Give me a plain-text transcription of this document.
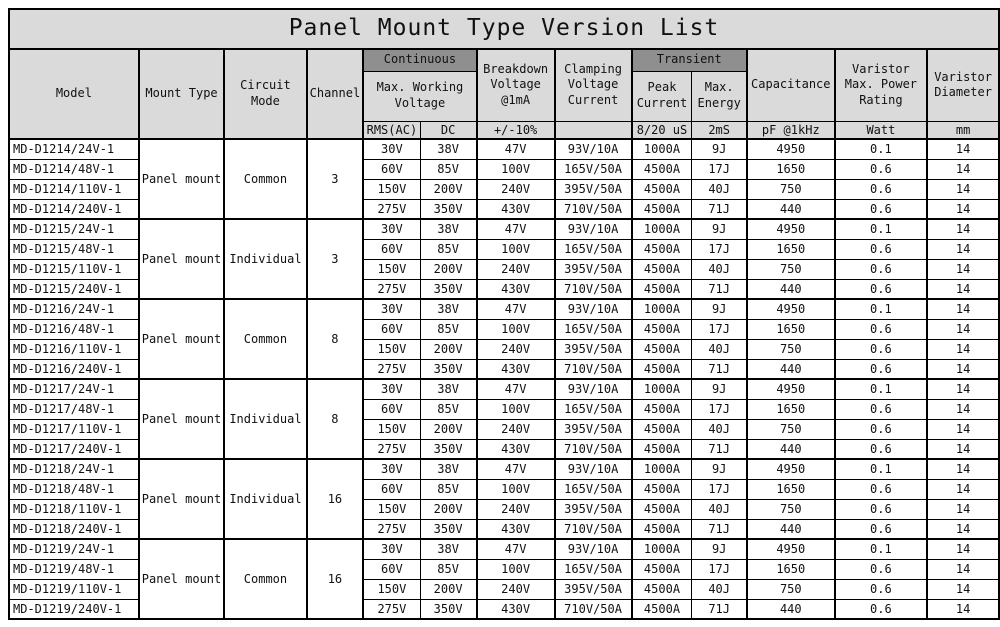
Panel Mount Type Version List												
Model	Mount Type	Circuit Mode	Channel	Continuous		Breakdown Voltage @1mA	Clamping Voltage Current	Transient		Capacitance	Varistor Max. Power Rating	Varistor Diameter
				Max. Working Voltage				Peak Current	Max. Energy			
				RMS(AC)	DC	+/-10%		8/20 uS	2mS	pF @1kHz	Watt	mm
MD-D1214/24V-1	Panel mount	Common	3	30V	38V	47V	93V/10A	1000A	9J	4950	0.1	14
MD-D1214/48V-1				60V	85V	100V	165V/50A	4500A	17J	1650	0.6	14
MD-D1214/110V-1				150V	200V	240V	395V/50A	4500A	40J	750	0.6	14
MD-D1214/240V-1				275V	350V	430V	710V/50A	4500A	71J	440	0.6	14
MD-D1215/24V-1	Panel mount	Individual	3	30V	38V	47V	93V/10A	1000A	9J	4950	0.1	14
MD-D1215/48V-1				60V	85V	100V	165V/50A	4500A	17J	1650	0.6	14
MD-D1215/110V-1				150V	200V	240V	395V/50A	4500A	40J	750	0.6	14
MD-D1215/240V-1				275V	350V	430V	710V/50A	4500A	71J	440	0.6	14
MD-D1216/24V-1	Panel mount	Common	8	30V	38V	47V	93V/10A	1000A	9J	4950	0.1	14
MD-D1216/48V-1				60V	85V	100V	165V/50A	4500A	17J	1650	0.6	14
MD-D1216/110V-1				150V	200V	240V	395V/50A	4500A	40J	750	0.6	14
MD-D1216/240V-1				275V	350V	430V	710V/50A	4500A	71J	440	0.6	14
MD-D1217/24V-1	Panel mount	Individual	8	30V	38V	47V	93V/10A	1000A	9J	4950	0.1	14
MD-D1217/48V-1				60V	85V	100V	165V/50A	4500A	17J	1650	0.6	14
MD-D1217/110V-1				150V	200V	240V	395V/50A	4500A	40J	750	0.6	14
MD-D1217/240V-1				275V	350V	430V	710V/50A	4500A	71J	440	0.6	14
MD-D1218/24V-1	Panel mount	Individual	16	30V	38V	47V	93V/10A	1000A	9J	4950	0.1	14
MD-D1218/48V-1				60V	85V	100V	165V/50A	4500A	17J	1650	0.6	14
MD-D1218/110V-1				150V	200V	240V	395V/50A	4500A	40J	750	0.6	14
MD-D1218/240V-1				275V	350V	430V	710V/50A	4500A	71J	440	0.6	14
MD-D1219/24V-1	Panel mount	Common	16	30V	38V	47V	93V/10A	1000A	9J	4950	0.1	14
MD-D1219/48V-1				60V	85V	100V	165V/50A	4500A	17J	1650	0.6	14
MD-D1219/110V-1				150V	200V	240V	395V/50A	4500A	40J	750	0.6	14
MD-D1219/240V-1				275V	350V	430V	710V/50A	4500A	71J	440	0.6	14
